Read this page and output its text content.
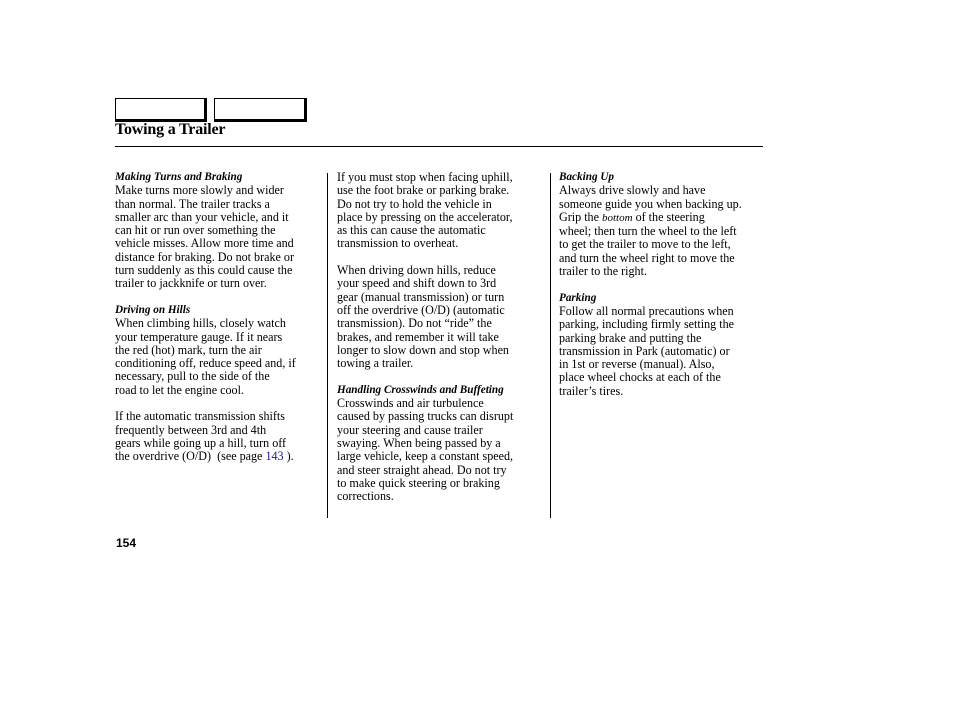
Towing a Trailer
Making Turns and Braking
Make turns more slowly and wider
than normal. The trailer tracks a
smaller arc than your vehicle, and it
can hit or run over something the
vehicle misses. Allow more time and
distance for braking. Do not brake or
turn suddenly as this could cause the
trailer to jackknife or turn over.
Driving on Hills
When climbing hills, closely watch
your temperature gauge. If it nears
the red (hot) mark, turn the air
conditioning off, reduce speed and, if
necessary, pull to the side of the
road to let the engine cool.
If the automatic transmission shifts
frequently between 3rd and 4th
gears while going up a hill, turn off
the overdrive (O/D)  (see page 143 ).
If you must stop when facing uphill,
use the foot brake or parking brake.
Do not try to hold the vehicle in
place by pressing on the accelerator,
as this can cause the automatic
transmission to overheat.
When driving down hills, reduce
your speed and shift down to 3rd
gear (manual transmission) or turn
off the overdrive (O/D) (automatic
transmission). Do not “ride” the
brakes, and remember it will take
longer to slow down and stop when
towing a trailer.
Handling Crosswinds and Buffeting
Crosswinds and air turbulence
caused by passing trucks can disrupt
your steering and cause trailer
swaying. When being passed by a
large vehicle, keep a constant speed,
and steer straight ahead. Do not try
to make quick steering or braking
corrections.
Backing Up
Always drive slowly and have
someone guide you when backing up.
Grip the bottom of the steering
wheel; then turn the wheel to the left
to get the trailer to move to the left,
and turn the wheel right to move the
trailer to the right.
Parking
Follow all normal precautions when
parking, including firmly setting the
parking brake and putting the
transmission in Park (automatic) or
in 1st or reverse (manual). Also,
place wheel chocks at each of the
trailer’s tires.
154
